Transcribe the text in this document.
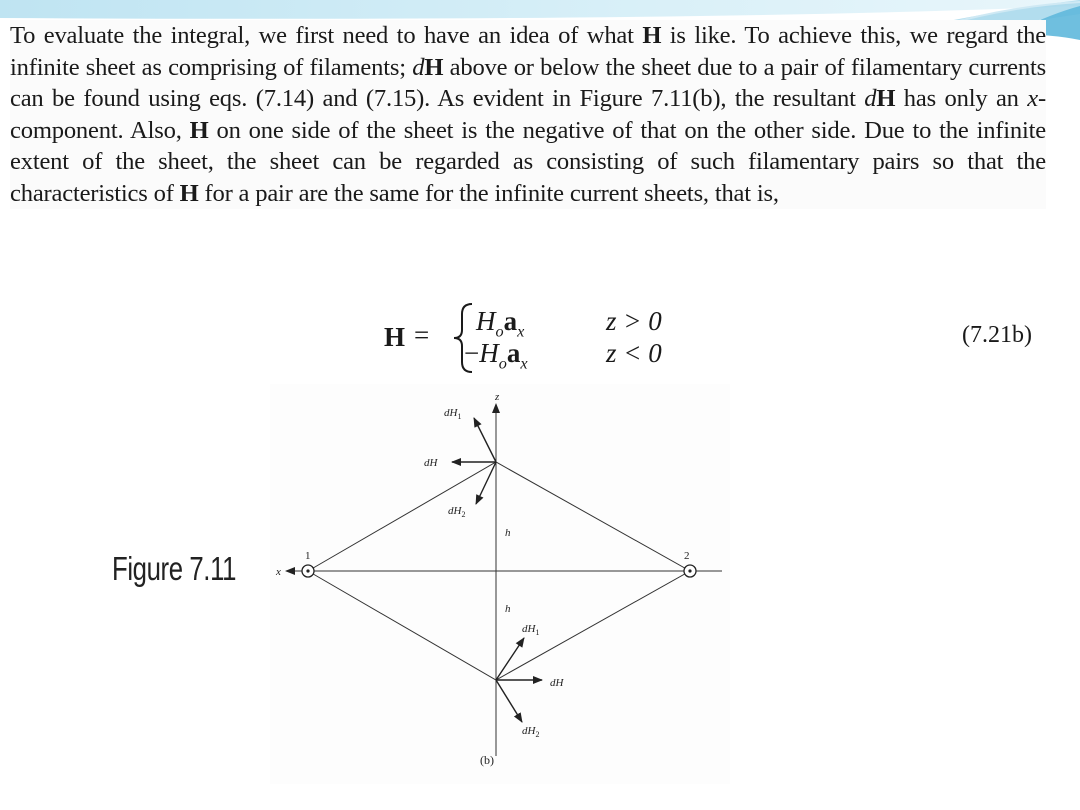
To evaluate the integral, we first need to have an idea of what H is like. To achieve this, we regard the infinite sheet as comprising of filaments; dH above or below the sheet due to a pair of filamentary currents can be found using eqs. (7.14) and (7.15). As evident in Figure 7.11(b), the resultant dH has only an x-component. Also, H on one side of the sheet is the negative of that on the other side. Due to the infinite extent of the sheet, the sheet can be regarded as consisting of such filamentary pairs so that the characteristics of H for a pair are the same for the infinite current sheets, that is,
$H = H_oa_x$
$-H_oa_x$
z > 0
z < 0
(7.21b)
Figure 7.11
z
x
1	2
h
h
$dH_1$
dH
$dH_2$
$dH_1$
dH
$dH_2$
(b)
